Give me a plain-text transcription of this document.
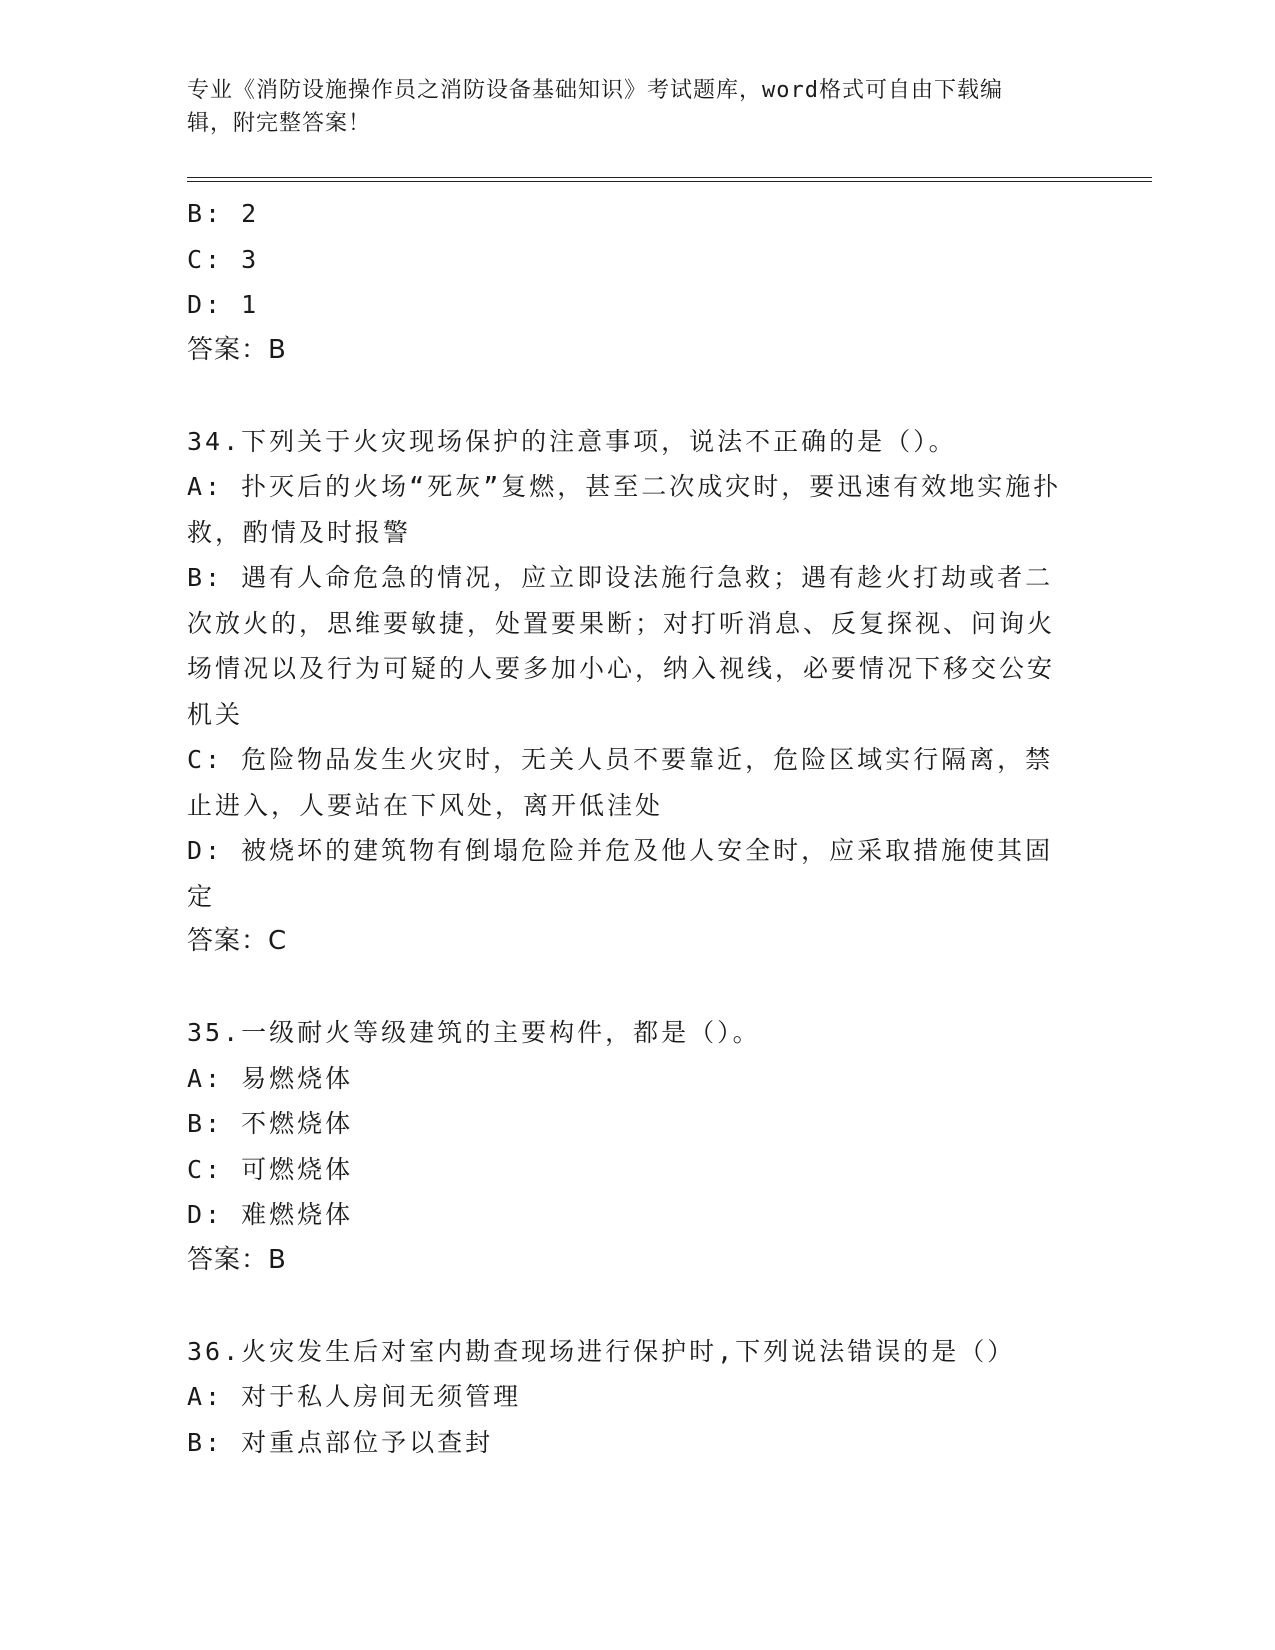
专业《消防设施操作员之消防设备基础知识》考试题库，word格式可自由下载编
辑，附完整答案！
B: 2
C: 3
D: 1
答案：B
34.下列关于火灾现场保护的注意事项，说法不正确的是（）。
A: 扑灭后的火场“死灰”复燃，甚至二次成灾时，要迅速有效地实施扑救，酌情及时报警
B: 遇有人命危急的情况，应立即设法施行急救；遇有趁火打劫或者二次放火的，思维要敏捷，处置要果断；对打听消息、反复探视、问询火场情况以及行为可疑的人要多加小心，纳入视线，必要情况下移交公安机关
C: 危险物品发生火灾时，无关人员不要靠近，危险区域实行隔离，禁止进入，人要站在下风处，离开低洼处
D: 被烧坏的建筑物有倒塌危险并危及他人安全时，应采取措施使其固定
答案：C
35.一级耐火等级建筑的主要构件，都是（）。
A: 易燃烧体
B: 不燃烧体
C: 可燃烧体
D: 难燃烧体
答案：B
36.火灾发生后对室内勘查现场进行保护时,下列说法错误的是（）
A: 对于私人房间无须管理
B: 对重点部位予以查封
